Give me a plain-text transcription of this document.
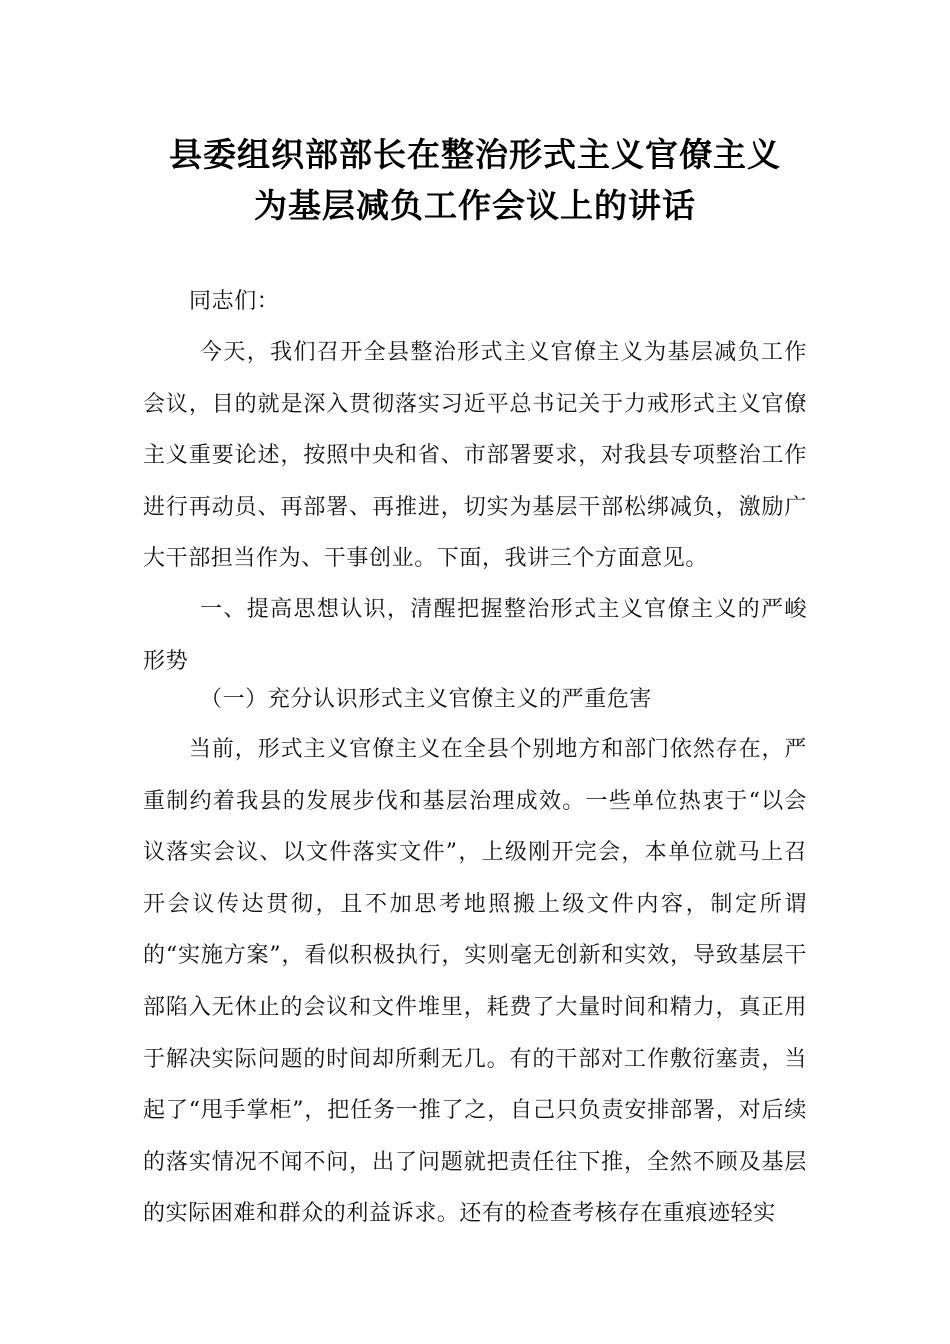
县委组织部部长在整治形式主义官僚主义
为基层减负工作会议上的讲话

同志们：

今天，我们召开全县整治形式主义官僚主义为基层减负工作会议，目的就是深入贯彻落实习近平总书记关于力戒形式主义官僚主义重要论述，按照中央和省、市部署要求，对我县专项整治工作进行再动员、再部署、再推进，切实为基层干部松绑减负，激励广大干部担当作为、干事创业。下面，我讲三个方面意见。

一、提高思想认识，清醒把握整治形式主义官僚主义的严峻形势

（一）充分认识形式主义官僚主义的严重危害

当前，形式主义官僚主义在全县个别地方和部门依然存在，严重制约着我县的发展步伐和基层治理成效。一些单位热衷于“以会议落实会议、以文件落实文件”，上级刚开完会，本单位就马上召开会议传达贯彻，且不加思考地照搬上级文件内容，制定所谓的“实施方案”，看似积极执行，实则毫无创新和实效，导致基层干部陷入无休止的会议和文件堆里，耗费了大量时间和精力，真正用于解决实际问题的时间却所剩无几。有的干部对工作敷衍塞责，当起了“甩手掌柜”，把任务一推了之，自己只负责安排部署，对后续的落实情况不闻不问，出了问题就把责任往下推，全然不顾及基层的实际困难和群众的利益诉求。还有的检查考核存在重痕迹轻实
